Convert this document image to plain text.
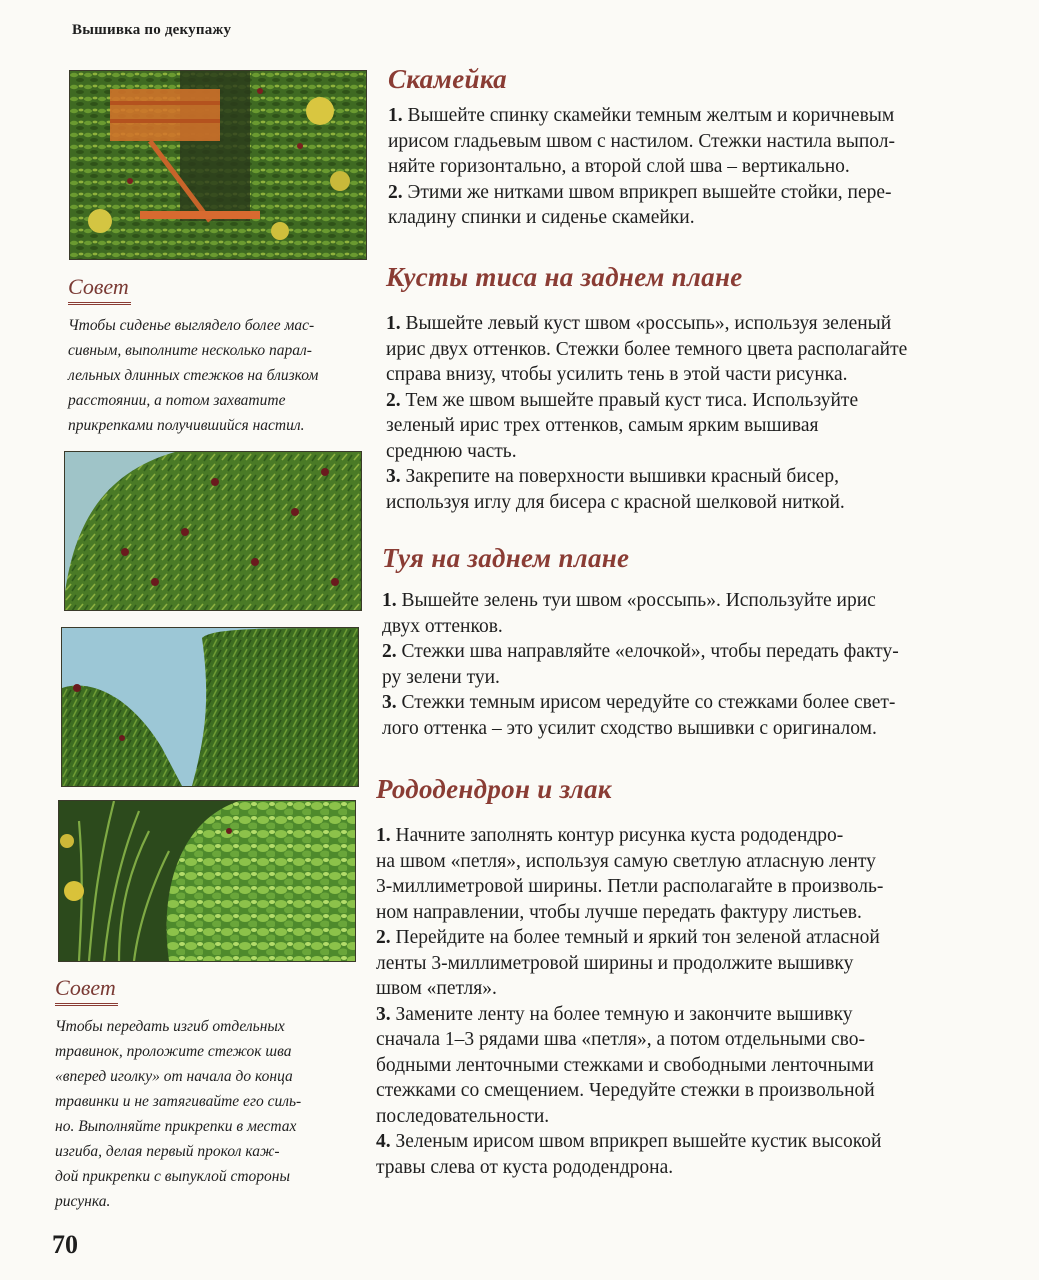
Вышивка по декупажу
Совет
Чтобы сиденье выглядело более мас-
сивным, выполните несколько парал-
лельных длинных стежков на близком
расстоянии, а потом захватите
прикрепками получившийся настил.
Совет
Чтобы передать изгиб отдельных
травинок, проложите стежок шва
«вперед иголку» от начала до конца
травинки и не затягивайте его силь-
но. Выполняйте прикрепки в местах
изгиба, делая первый прокол каж-
дой прикрепки с выпуклой стороны
рисунка.
Скамейка
1. Вышейте спинку скамейки темным желтым и коричневым
ирисом гладьевым швом с настилом. Стежки настила выпол-
няйте горизонтально, а второй слой шва – вертикально.
2. Этими же нитками швом вприкреп вышейте стойки, пере-
кладину спинки и сиденье скамейки.
Кусты тиса на заднем плане
1. Вышейте левый куст швом «россыпь», используя зеленый
ирис двух оттенков. Стежки более темного цвета располагайте
справа внизу, чтобы усилить тень в этой части рисунка.
2. Тем же швом вышейте правый куст тиса. Используйте
зеленый ирис трех оттенков, самым ярким вышивая
среднюю часть.
3. Закрепите на поверхности вышивки красный бисер,
используя иглу для бисера с красной шелковой ниткой.
Туя на заднем плане
1. Вышейте зелень туи швом «россыпь». Используйте ирис
двух оттенков.
2. Стежки шва направляйте «елочкой», чтобы передать факту-
ру зелени туи.
3. Стежки темным ирисом чередуйте со стежками более свет-
лого оттенка – это усилит сходство вышивки с оригиналом.
Рододендрон и злак
1. Начните заполнять контур рисунка куста рододендро-
на швом «петля», используя самую светлую атласную ленту
3-миллиметровой ширины. Петли располагайте в произволь-
ном направлении, чтобы лучше передать фактуру листьев.
2. Перейдите на более темный и яркий тон зеленой атласной
ленты 3-миллиметровой ширины и продолжите вышивку
швом «петля».
3. Замените ленту на более темную и закончите вышивку
сначала 1–3 рядами шва «петля», а потом отдельными сво-
бодными ленточными стежками и свободными ленточными
стежками со смещением. Чередуйте стежки в произвольной
последовательности.
4. Зеленым ирисом швом вприкреп вышейте кустик высокой
травы слева от куста рододендрона.
70
